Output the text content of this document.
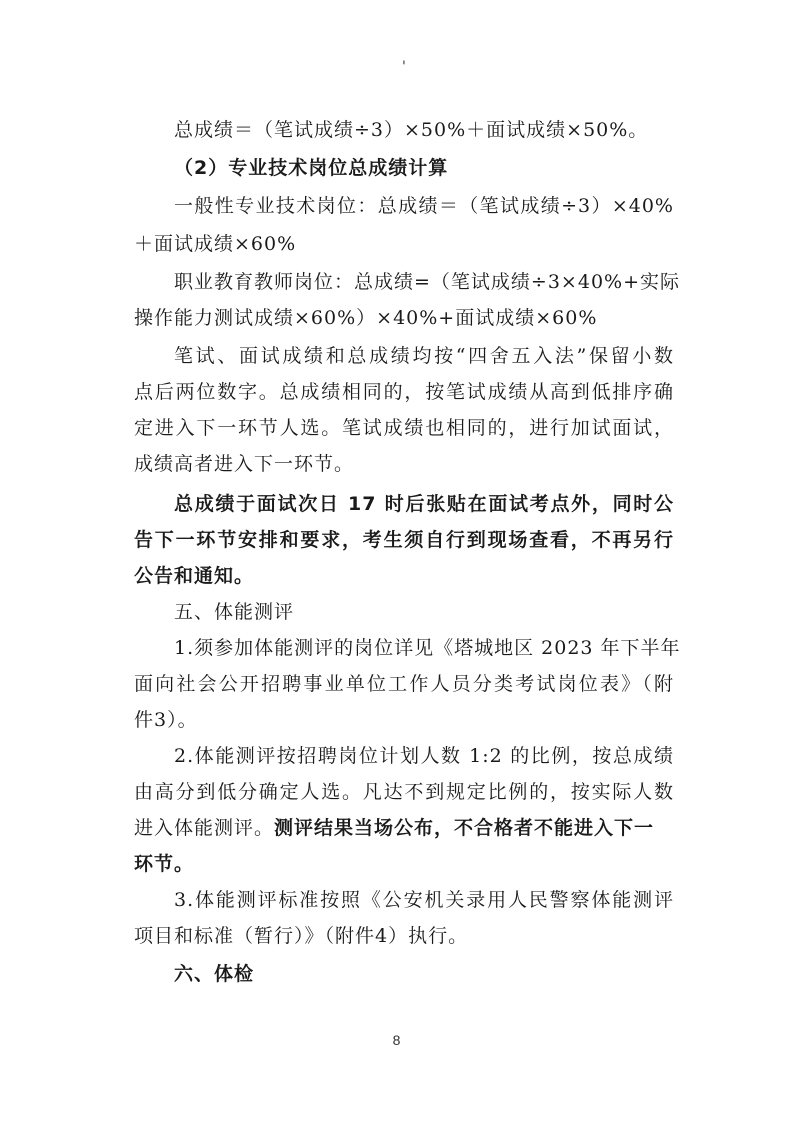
'
总成绩＝（笔试成绩÷3）×50%＋面试成绩×50%。
（2）专业技术岗位总成绩计算
一般性专业技术岗位：总成绩＝（笔试成绩÷3）×40%
＋面试成绩×60%
职业教育教师岗位：总成绩=（笔试成绩÷3×40%+实际
操作能力测试成绩×60%）×40%+面试成绩×60%
笔试、面试成绩和总成绩均按“四舍五入法”保留小数
点后两位数字。总成绩相同的，按笔试成绩从高到低排序确
定进入下一环节人选。笔试成绩也相同的，进行加试面试，
成绩高者进入下一环节。
总成绩于面试次日 17 时后张贴在面试考点外，同时公
告下一环节安排和要求，考生须自行到现场查看，不再另行
公告和通知。
五、体能测评
1.须参加体能测评的岗位详见《塔城地区 2023 年下半年
面向社会公开招聘事业单位工作人员分类考试岗位表》（附
件3）。
2.体能测评按招聘岗位计划人数 1:2 的比例，按总成绩
由高分到低分确定人选。凡达不到规定比例的，按实际人数
进入体能测评。测评结果当场公布，不合格者不能进入下一
环节。
3.体能测评标准按照《公安机关录用人民警察体能测评
项目和标准（暂行）》（附件4）执行。
六、体检
8
